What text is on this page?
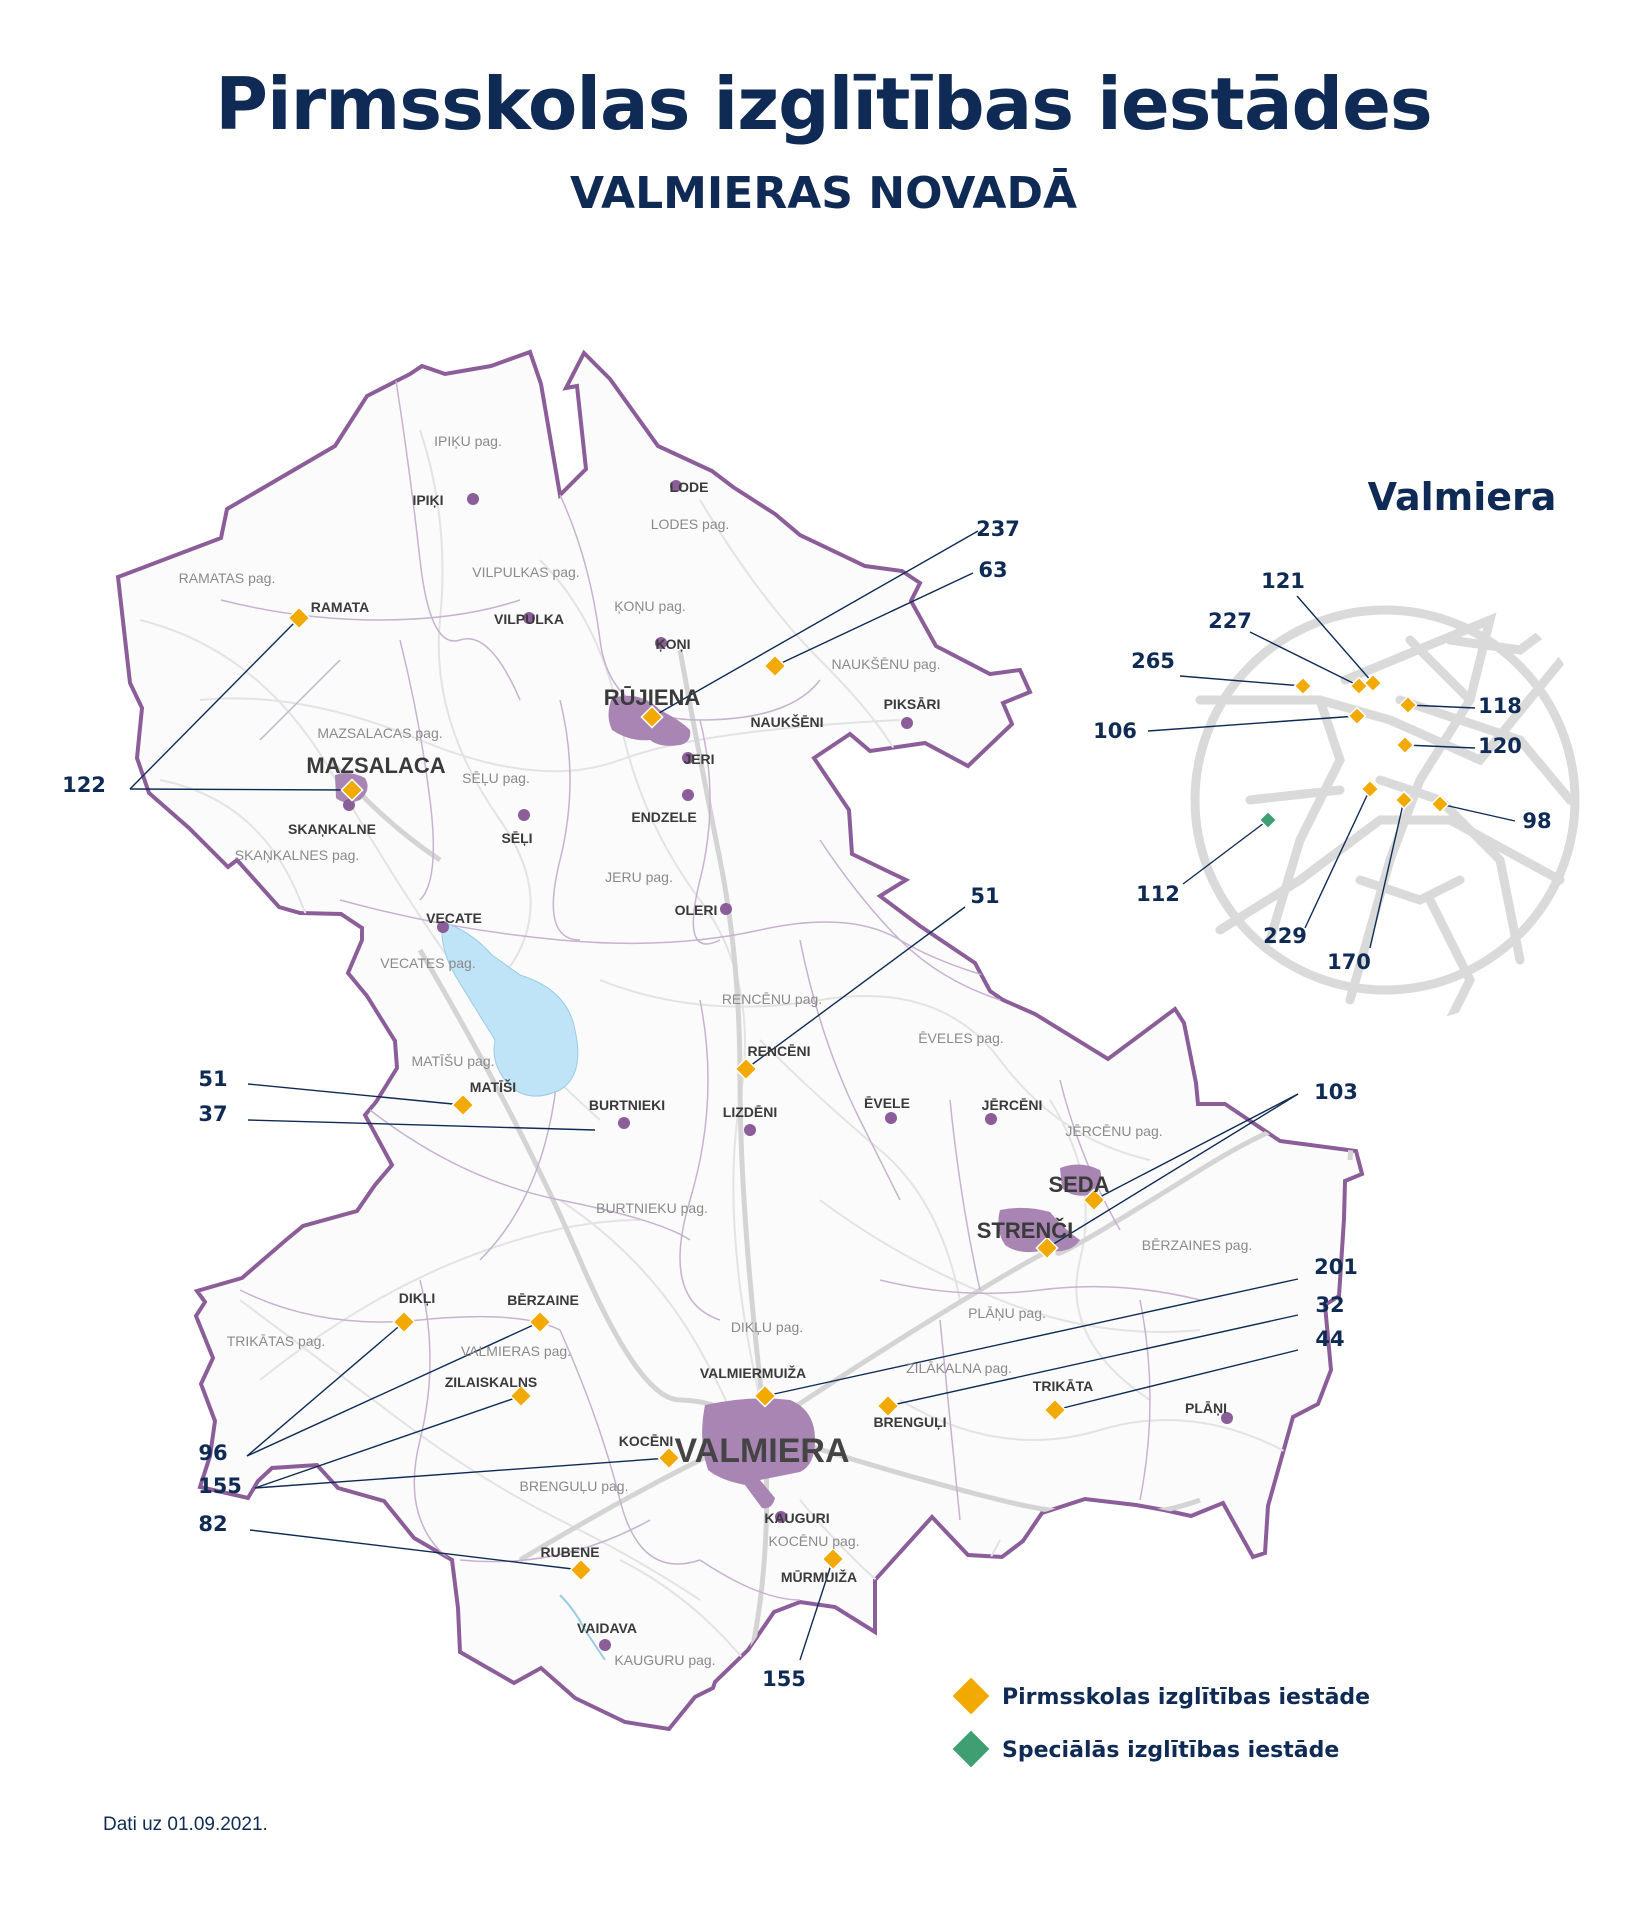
Pirmsskolas izglītības iestādes
VALMIERAS NOVADĀ
Valmiera
RŪJIENA
MAZSALACA
SEDA
STRENČI
VALMIERA
IPIĶI
LODE
VILPULKA
ĶOŅI
PIKSĀRI
SĒĻI
JERI
ENDZELE
OLERI
VECATE
ĒVELE	JĒRCĒNI
BURTNIEKI	LIZDĒNI
PLĀŅI
KAUGURI
VAIDAVA
SKAŅKALNE
IPIĶU pag.
LODES pag.
VILPULKAS pag.
ĶOŅU pag.
NAUKŠĒNU pag.
RAMATAS pag.
MAZSALACAS pag.
SĒĻU pag.
SKAŅKALNES pag.
JERU pag.
VECATES pag.
RENCĒNU pag.
ĒVELES pag.
MATĪŠU pag.
JĒRCĒNU pag.
BURTNIEKU pag.
BĒRZAINES pag.
PLĀŅU pag.
TRIKĀTAS pag.
DIKĻU pag.
VALMIERAS pag.
ZILĀKALNA pag.
BRENGUĻU pag.
KOCĒNU pag.
KAUGURU pag.
RAMATA
NAUKŠĒNI
MATĪŠI
RENCĒNI
DIKĻI	BĒRZAINE
ZILAISKALNS
VALMIERMUIŽA
BRENGUĻI
TRIKĀTA
KOCĒNI
RUBENE
MŪRMUIŽA
237
63
122
51
51
37
103
201
32
44
96
155
82
155
121
227
265
118
106
120
98
112
229
170
Pirmsskolas izglītības iestāde
Speciālās izglītības iestāde

Dati uz 01.09.2021.
